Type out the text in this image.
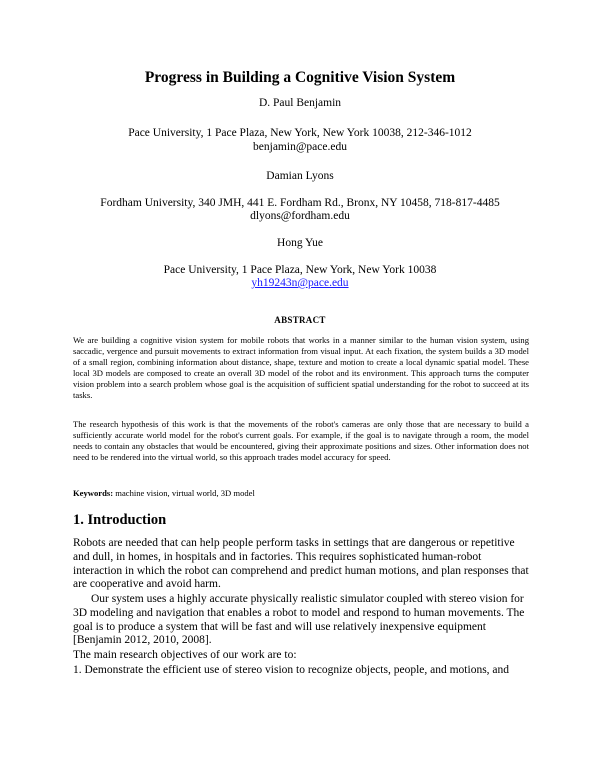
Progress in Building a Cognitive Vision System
D. Paul Benjamin
Pace University, 1 Pace Plaza, New York, New York 10038, 212-346-1012
benjamin@pace.edu
Damian Lyons
Fordham University, 340 JMH, 441 E. Fordham Rd., Bronx, NY 10458, 718-817-4485
dlyons@fordham.edu
Hong Yue
Pace University, 1 Pace Plaza, New York, New York 10038
yh19243n@pace.edu
ABSTRACT
We are building a cognitive vision system for mobile robots that works in a manner similar to the human vision system, using saccadic, vergence and pursuit movements to extract information from visual input. At each fixation, the system builds a 3D model of a small region, combining information about distance, shape, texture and motion to create a local dynamic spatial model. These local 3D models are composed to create an overall 3D model of the robot and its environment. This approach turns the computer vision problem into a search problem whose goal is the acquisition of sufficient spatial understanding for the robot to succeed at its tasks.
The research hypothesis of this work is that the movements of the robot's cameras are only those that are necessary to build a sufficiently accurate world model for the robot's current goals. For example, if the goal is to navigate through a room, the model needs to contain any obstacles that would be encountered, giving their approximate positions and sizes. Other information does not need to be rendered into the virtual world, so this approach trades model accuracy for speed.
Keywords: machine vision, virtual world, 3D model
1. Introduction
Robots are needed that can help people perform tasks in settings that are dangerous or repetitive and dull, in homes, in hospitals and in factories. This requires sophisticated human-robot interaction in which the robot can comprehend and predict human motions, and plan responses that are cooperative and avoid harm.
Our system uses a highly accurate physically realistic simulator coupled with stereo vision for 3D modeling and navigation that enables a robot to model and respond to human movements. The goal is to produce a system that will be fast and will use relatively inexpensive equipment [Benjamin 2012, 2010, 2008].
The main research objectives of our work are to:
1. Demonstrate the efficient use of stereo vision to recognize objects, people, and motions, and
